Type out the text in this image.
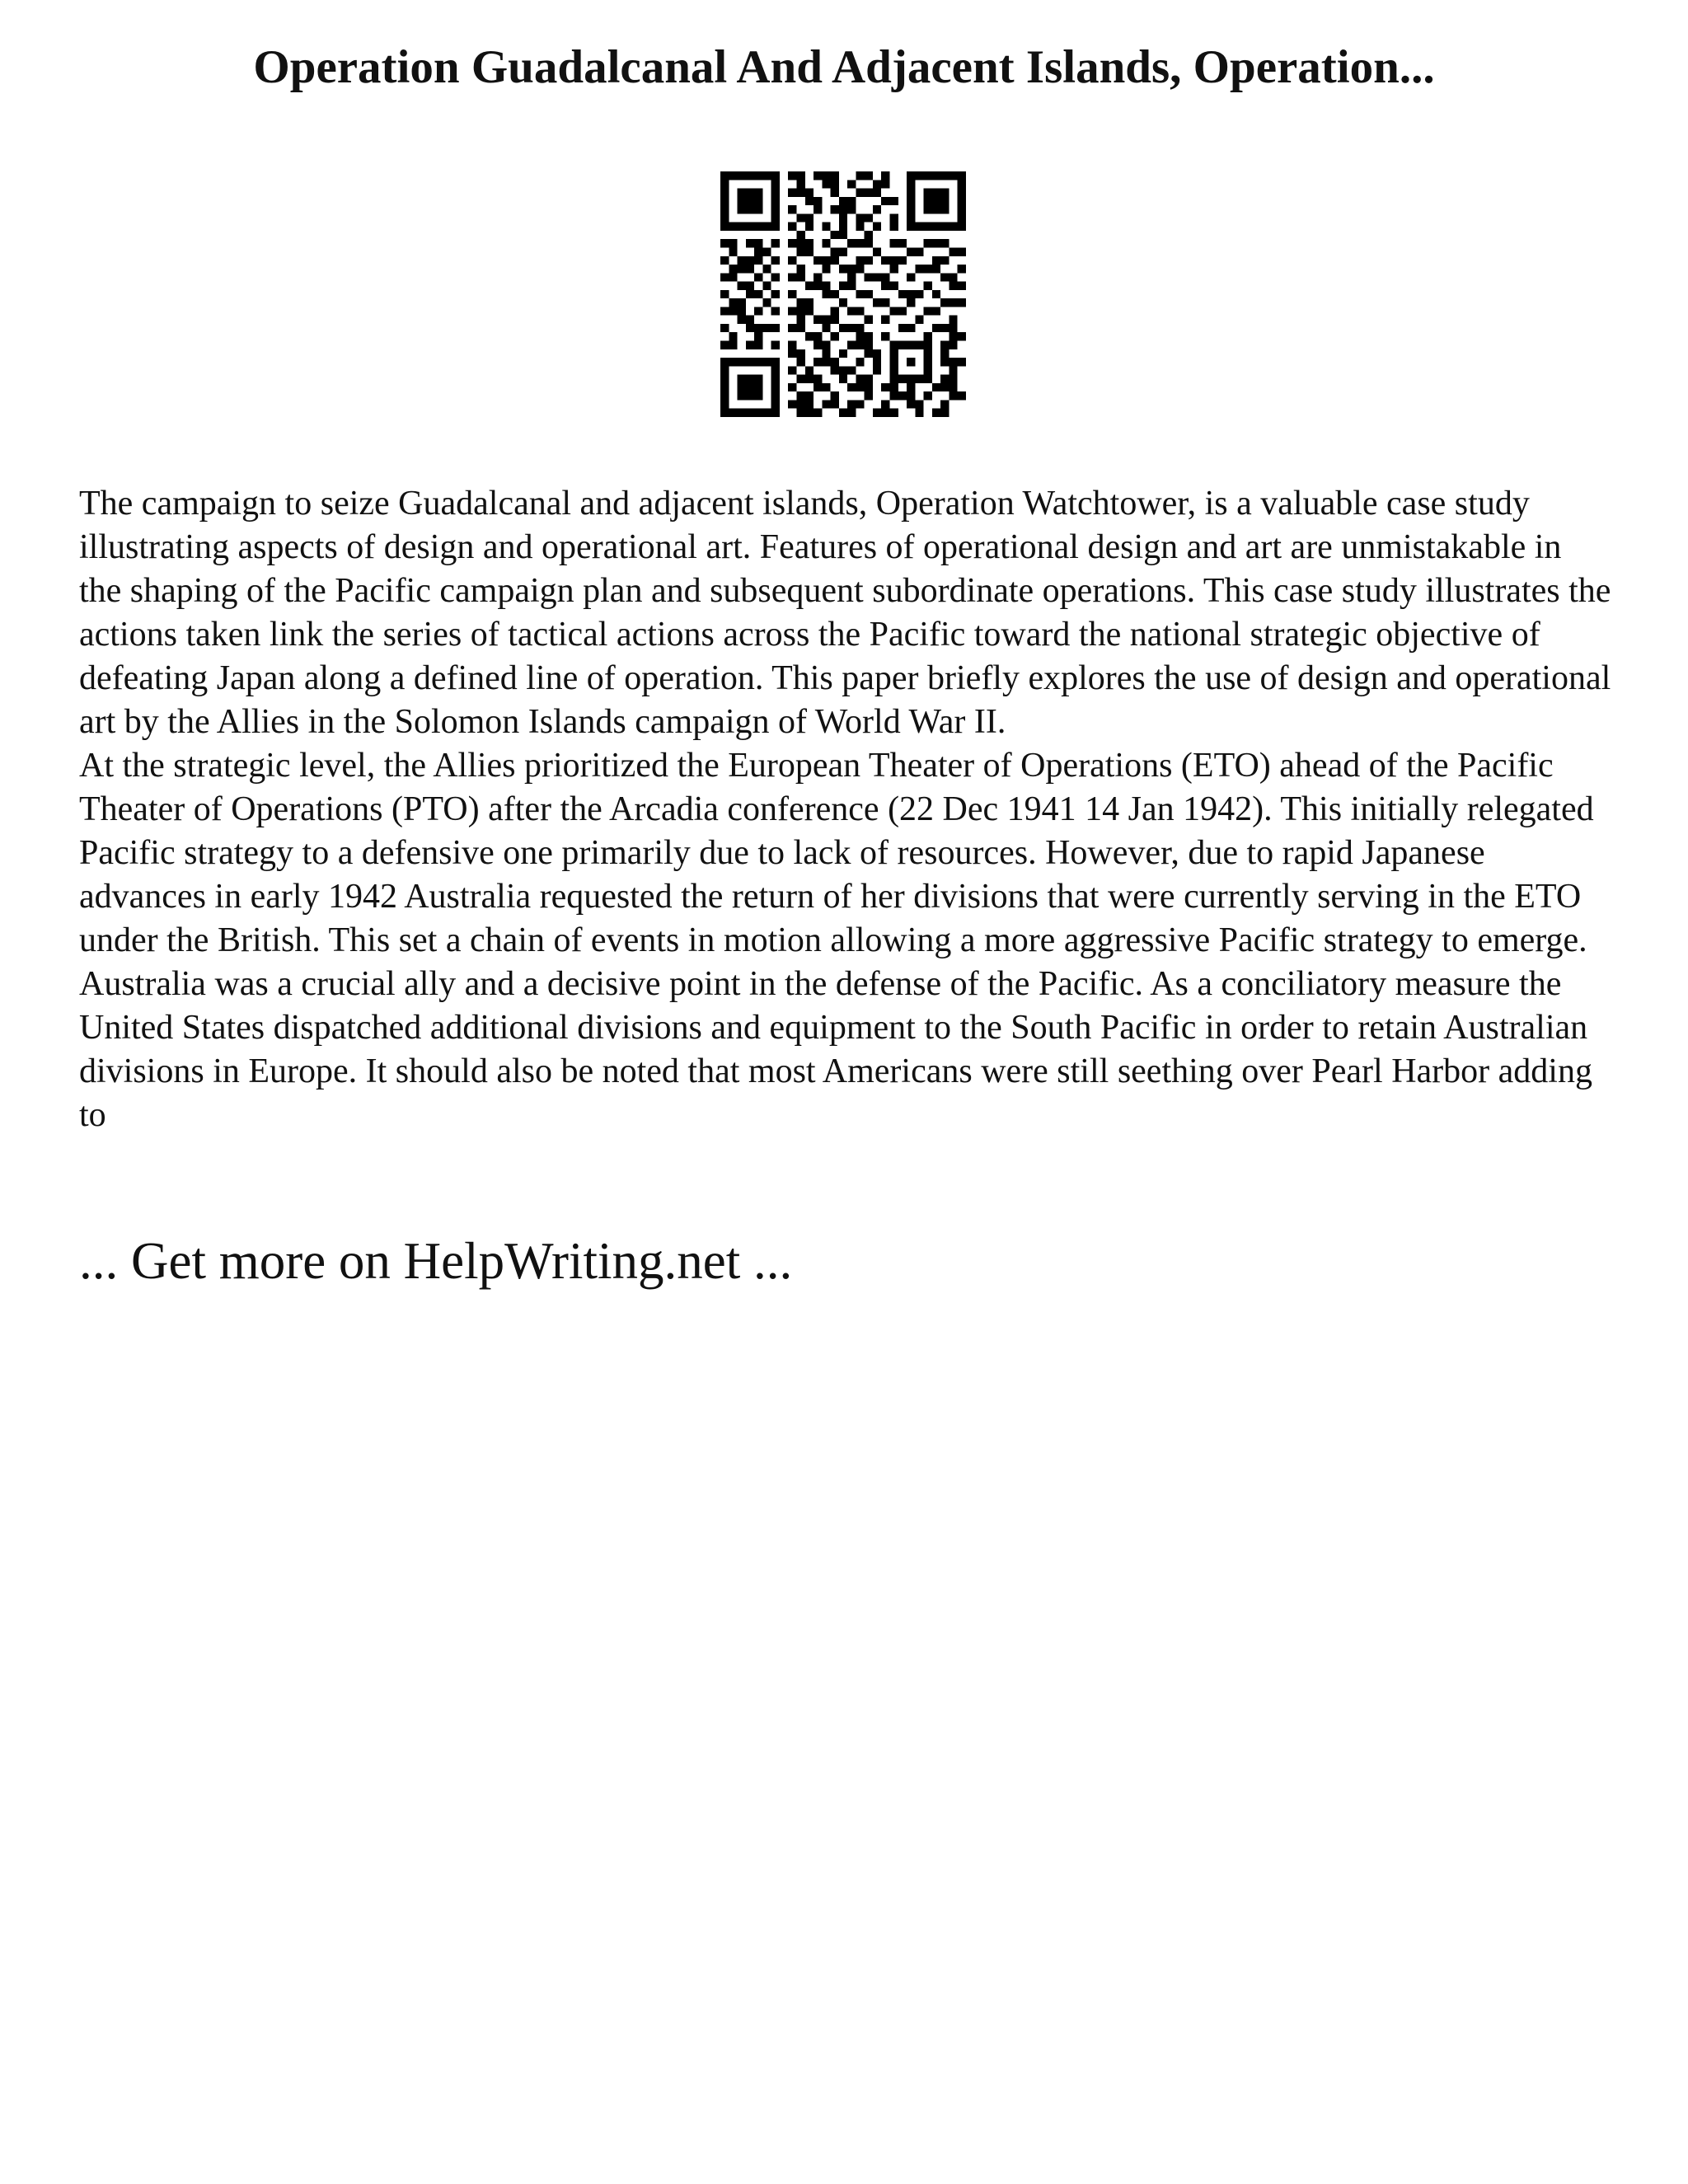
Operation Guadalcanal And Adjacent Islands, Operation...

The campaign to seize Guadalcanal and adjacent islands, Operation Watchtower, is a valuable case study illustrating aspects of design and operational art. Features of operational design and art are unmistakable in the shaping of the Pacific campaign plan and subsequent subordinate operations. This case study illustrates the actions taken link the series of tactical actions across the Pacific toward the national strategic objective of defeating Japan along a defined line of operation. This paper briefly explores the use of design and operational art by the Allies in the Solomon Islands campaign of World War II.

At the strategic level, the Allies prioritized the European Theater of Operations (ETO) ahead of the Pacific Theater of Operations (PTO) after the Arcadia conference (22 Dec 1941 14 Jan 1942). This initially relegated Pacific strategy to a defensive one primarily due to lack of resources. However, due to rapid Japanese advances in early 1942 Australia requested the return of her divisions that were currently serving in the ETO under the British. This set a chain of events in motion allowing a more aggressive Pacific strategy to emerge. Australia was a crucial ally and a decisive point in the defense of the Pacific. As a conciliatory measure the United States dispatched additional divisions and equipment to the South Pacific in order to retain Australian divisions in Europe. It should also be noted that most Americans were still seething over Pearl Harbor adding to

... Get more on HelpWriting.net ...
